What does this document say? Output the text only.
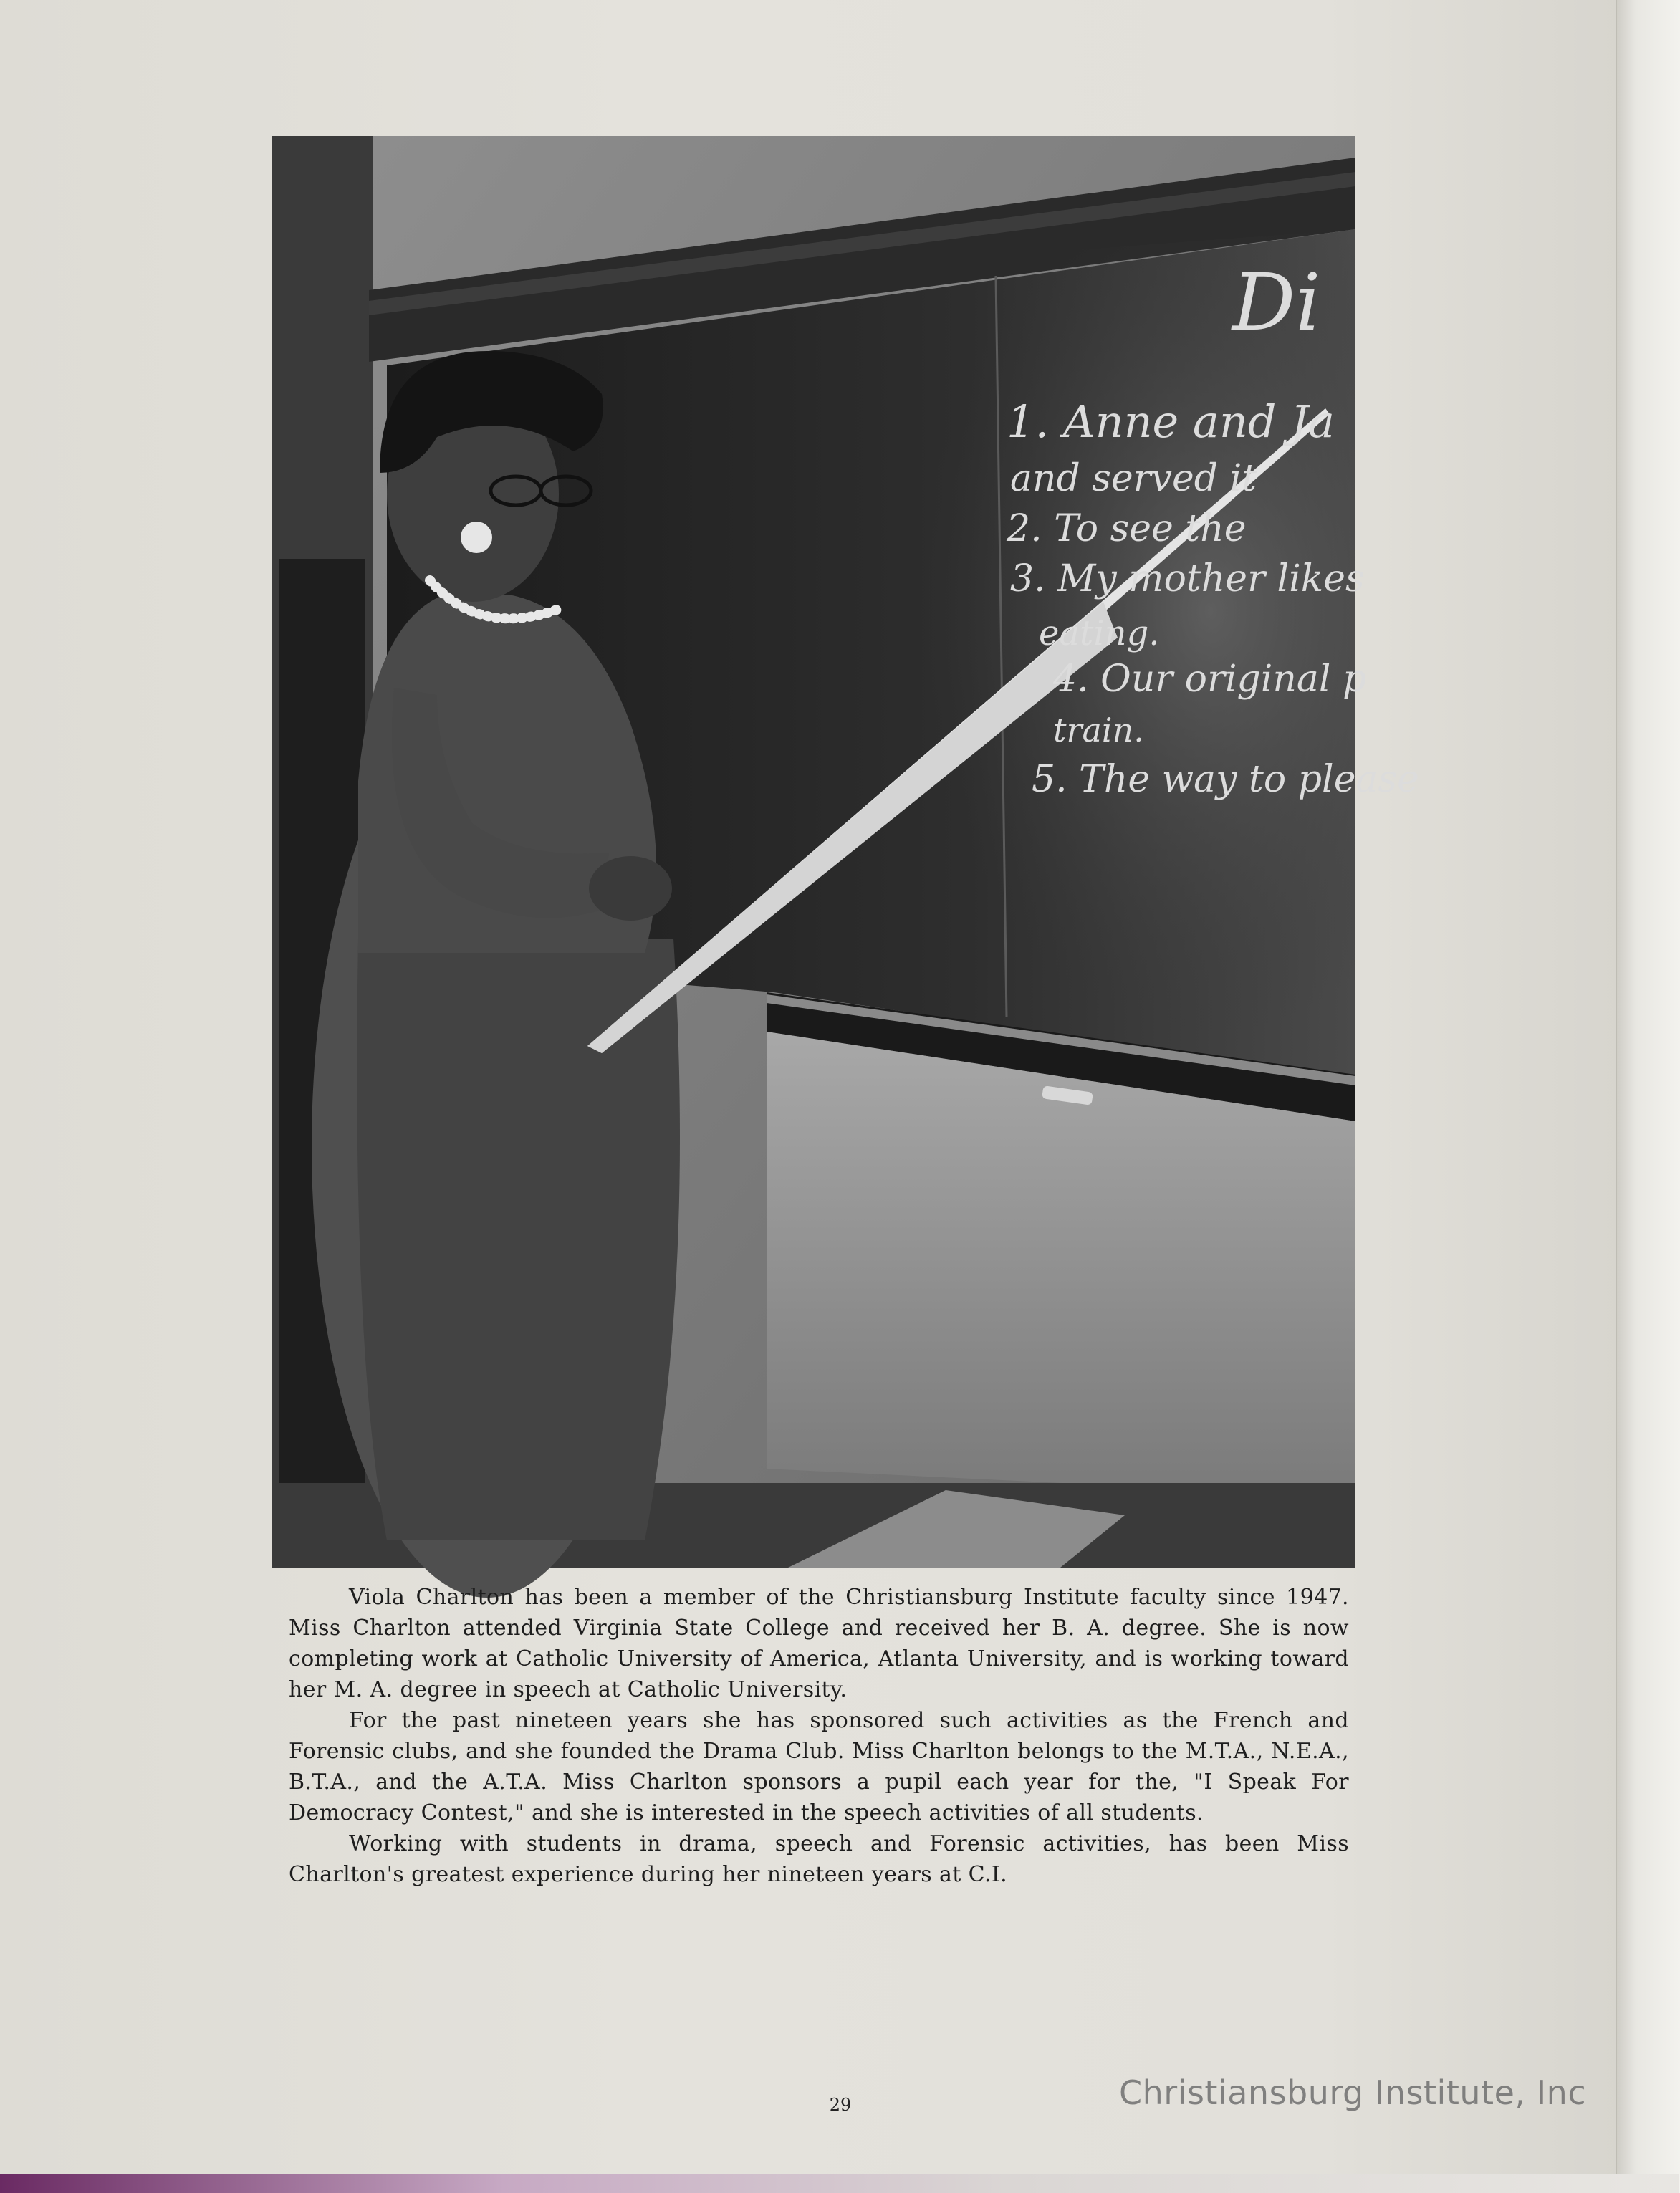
Di
1. Anne and Ja
and served it
2. To see the
3. My mother likes
eating.
4. Our original p
train.
5. The way to please

Viola Charlton has been a member of the Christiansburg Institute faculty since 1947. Miss Charlton attended Virginia State College and received her B. A. degree. She is now completing work at Catholic University of America, Atlanta University, and is working toward her M. A. degree in speech at Catholic University.

For the past nineteen years she has sponsored such activities as the French and Forensic clubs, and she founded the Drama Club. Miss Charlton belongs to the M.T.A., N.E.A., B.T.A., and the A.T.A. Miss Charlton sponsors a pupil each year for the, "I Speak For Democracy Contest," and she is interested in the speech activities of all students.

Working with students in drama, speech and Forensic activities, has been Miss Charlton's greatest experience during her nineteen years at C.I.

29	Christiansburg Institute, Inc
